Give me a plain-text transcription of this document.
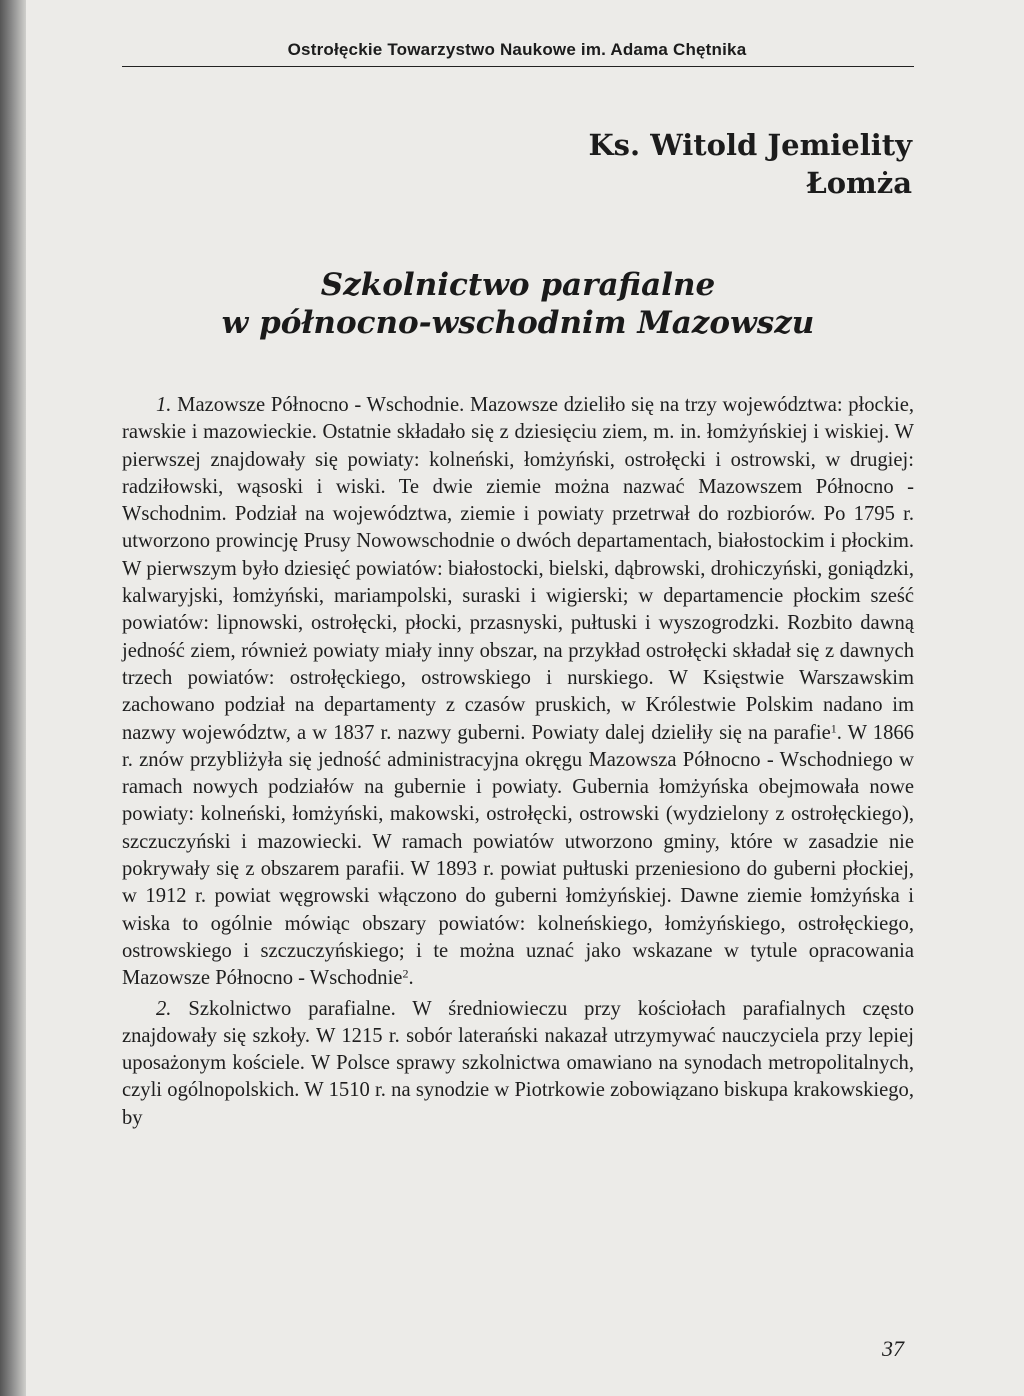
Ostrołęckie Towarzystwo Naukowe im. Adama Chętnika
Ks. Witold Jemielity
Łomża
Szkolnictwo parafialne
w północno-wschodnim Mazowszu

1. Mazowsze Północno - Wschodnie. Mazowsze dzieliło się na trzy województwa: płockie, rawskie i mazowieckie. Ostatnie składało się z dziesięciu ziem, m. in. łomżyńskiej i wiskiej. W pierwszej znajdowały się powiaty: kolneński, łomżyński, ostrołęcki i ostrowski, w drugiej: radziłowski, wąsoski i wiski. Te dwie ziemie można nazwać Mazowszem Północno - Wschodnim. Podział na województwa, ziemie i powiaty przetrwał do rozbiorów. Po 1795 r. utworzono prowincję Prusy Nowowschodnie o dwóch departamentach, białostockim i płockim. W pierwszym było dziesięć powiatów: białostocki, bielski, dąbrowski, drohiczyński, goniądzki, kalwaryjski, łomżyński, mariampolski, suraski i wigierski; w departamencie płockim sześć powiatów: lipnowski, ostrołęcki, płocki, przasnyski, pułtuski i wyszogrodzki. Rozbito dawną jedność ziem, również powiaty miały inny obszar, na przykład ostrołęcki składał się z dawnych trzech powiatów: ostrołęckiego, ostrowskiego i nurskiego. W Księstwie Warszawskim zachowano podział na departamenty z czasów pruskich, w Królestwie Polskim nadano im nazwy województw, a w 1837 r. nazwy guberni. Powiaty dalej dzieliły się na parafie$^1$. W 1866 r. znów przybliżyła się jedność administracyjna okręgu Mazowsza Północno - Wschodniego w ramach nowych podziałów na gubernie i powiaty. Gubernia łomżyńska obejmowała nowe powiaty: kolneński, łomżyński, makowski, ostrołęcki, ostrowski (wydzielony z ostrołęckiego), szczuczyński i mazowiecki. W ramach powiatów utworzono gminy, które w zasadzie nie pokrywały się z obszarem parafii. W 1893 r. powiat pułtuski przeniesiono do guberni płockiej, w 1912 r. powiat węgrowski włączono do guberni łomżyńskiej. Dawne ziemie łomżyńska i wiska to ogólnie mówiąc obszary powiatów: kolneńskiego, łomżyńskiego, ostrołęckiego, ostrowskiego i szczuczyńskiego; i te można uznać jako wskazane w tytule opracowania Mazowsze Północno - Wschodnie$^2$.

2. Szkolnictwo parafialne. W średniowieczu przy kościołach parafialnych często znajdowały się szkoły. W 1215 r. sobór laterański nakazał utrzymywać nauczyciela przy lepiej uposażonym kościele. W Polsce sprawy szkolnictwa omawiano na synodach metropolitalnych, czyli ogólnopolskich. W 1510 r. na synodzie w Piotrkowie zobowiązano biskupa krakowskiego, by

37
